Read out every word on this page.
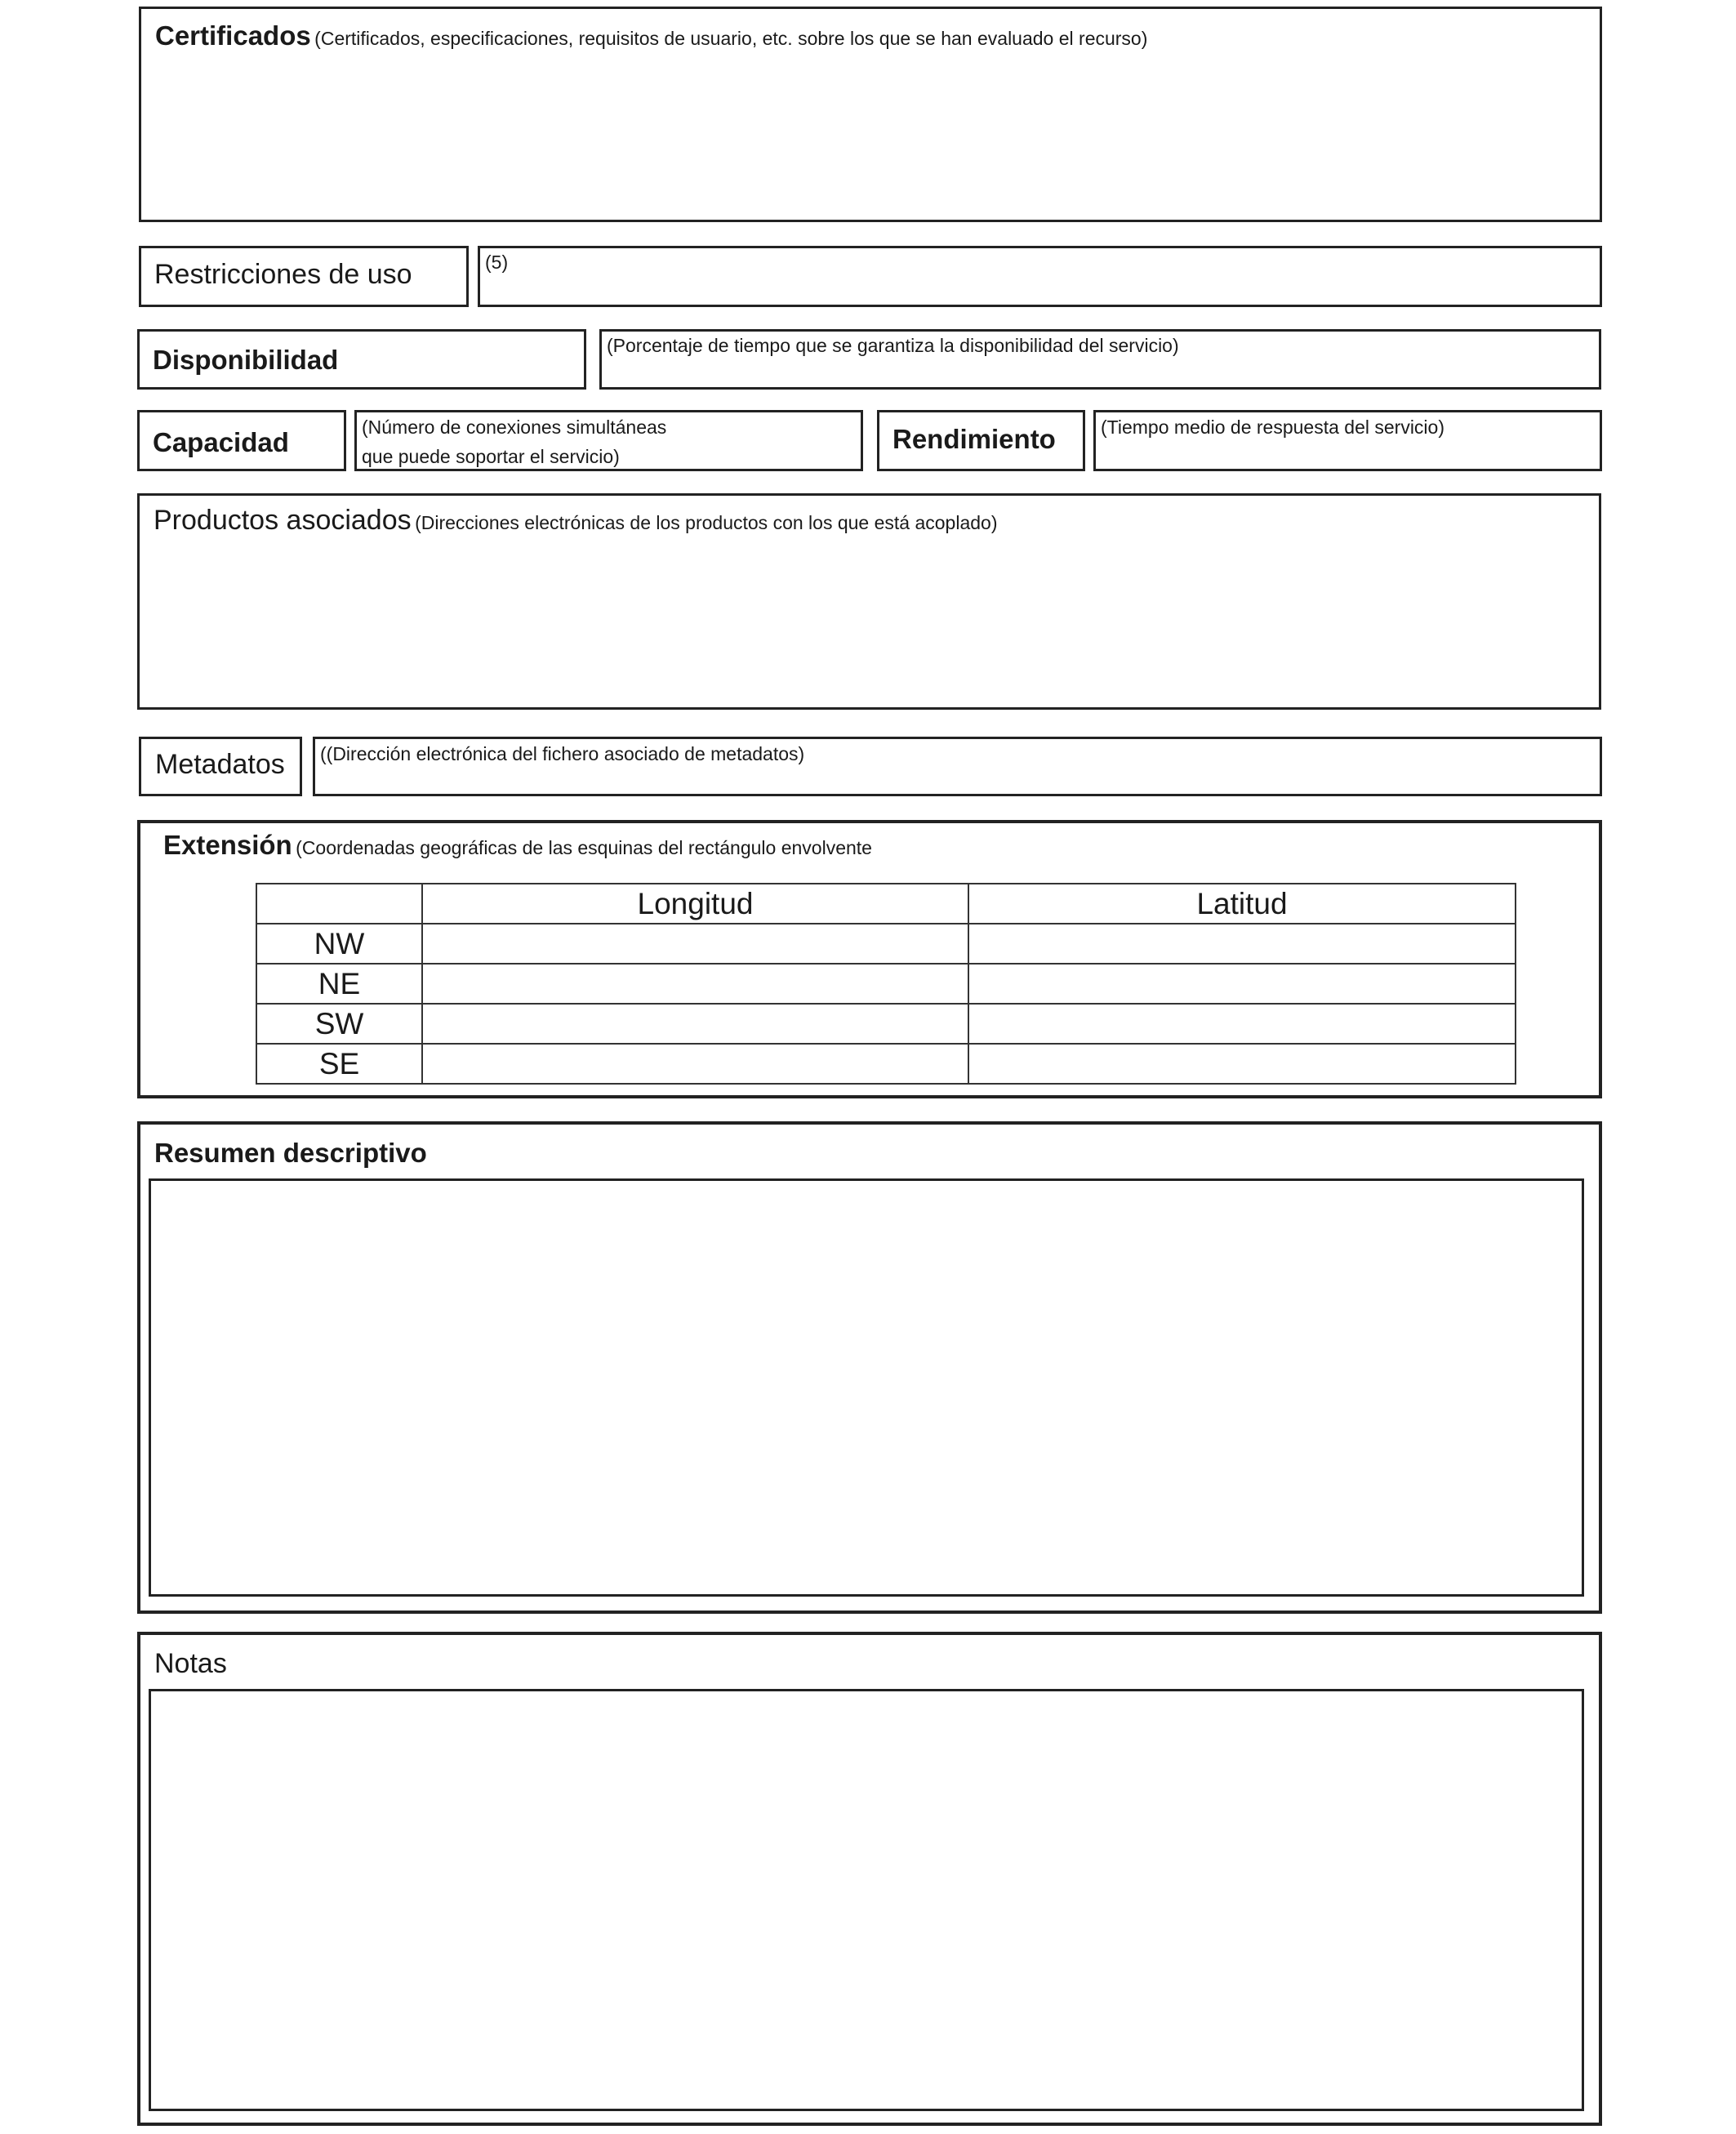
Certificados (Certificados, especificaciones, requisitos de usuario, etc. sobre los que se han evaluado el recurso)
Restricciones de uso	(5)
Disponibilidad	(Porcentaje de tiempo que se garantiza la disponibilidad del servicio)
Capacidad	(Número de conexiones simultáneas
que puede soportar el servicio)
Rendimiento (Tiempo medio de respuesta del servicio)
Productos asociados (Direcciones electrónicas de los productos con los que está acoplado)
Metadatos ((Dirección electrónica del fichero asociado de metadatos)
Extensión (Coordenadas geográficas de las esquinas del rectángulo envolvente
	Longitud	Latitud
NW		
NE		
SW		
SE		
Resumen descriptivo
Notas
